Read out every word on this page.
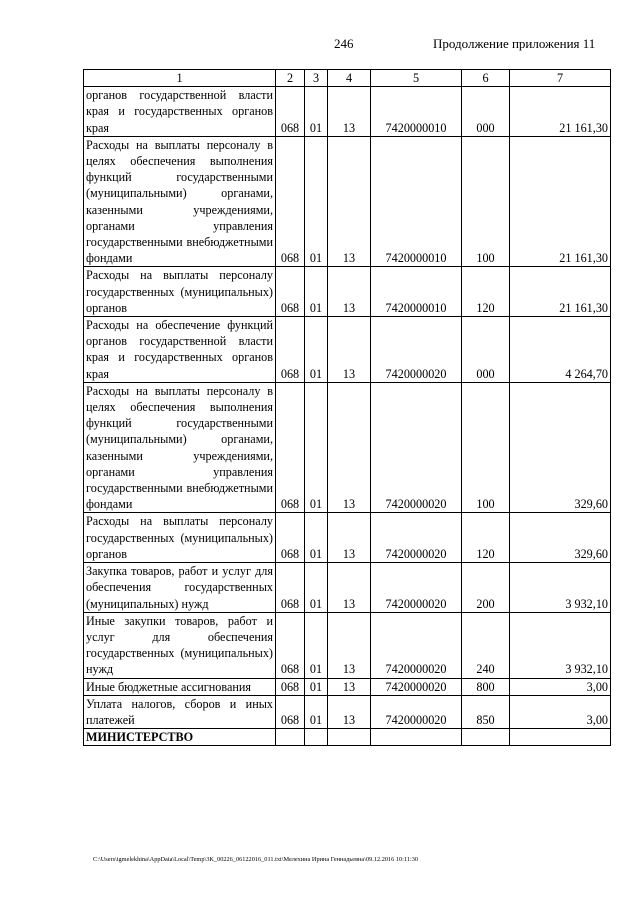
246	Продолжение приложения 11
1	2	3	4	5	6	7
органов государственной власти края и государственных органов края	068	01	13	7420000010	000	21 161,30
Расходы на выплаты персоналу в целях обеспечения выполнения функций государственными (муниципальными) органами, казенными учреждениями, органами управления государственными внебюджетными фондами	068	01	13	7420000010	100	21 161,30
Расходы на выплаты персоналу государственных (муниципальных) органов	068	01	13	7420000010	120	21 161,30
Расходы на обеспечение функций органов государственной власти края и государственных органов края	068	01	13	7420000020	000	4 264,70
Расходы на выплаты персоналу в целях обеспечения выполнения функций государственными (муниципальными) органами, казенными учреждениями, органами управления государственными внебюджетными фондами	068	01	13	7420000020	100	329,60
Расходы на выплаты персоналу государственных (муниципальных) органов	068	01	13	7420000020	120	329,60
Закупка товаров, работ и услуг для обеспечения государственных (муниципальных) нужд	068	01	13	7420000020	200	3 932,10
Иные закупки товаров, работ и услуг для обеспечения государственных (муниципальных) нужд	068	01	13	7420000020	240	3 932,10
Иные бюджетные ассигнования	068	01	13	7420000020	800	3,00
Уплата налогов, сборов и иных платежей	068	01	13	7420000020	850	3,00
МИНИСТЕРСТВО						
C:\Users\igmelekhina\AppData\Local\Temp\3K_00226_06122016_011.txt\Мелехина Ирина Геннадьевна\09.12.2016 10:11:30
